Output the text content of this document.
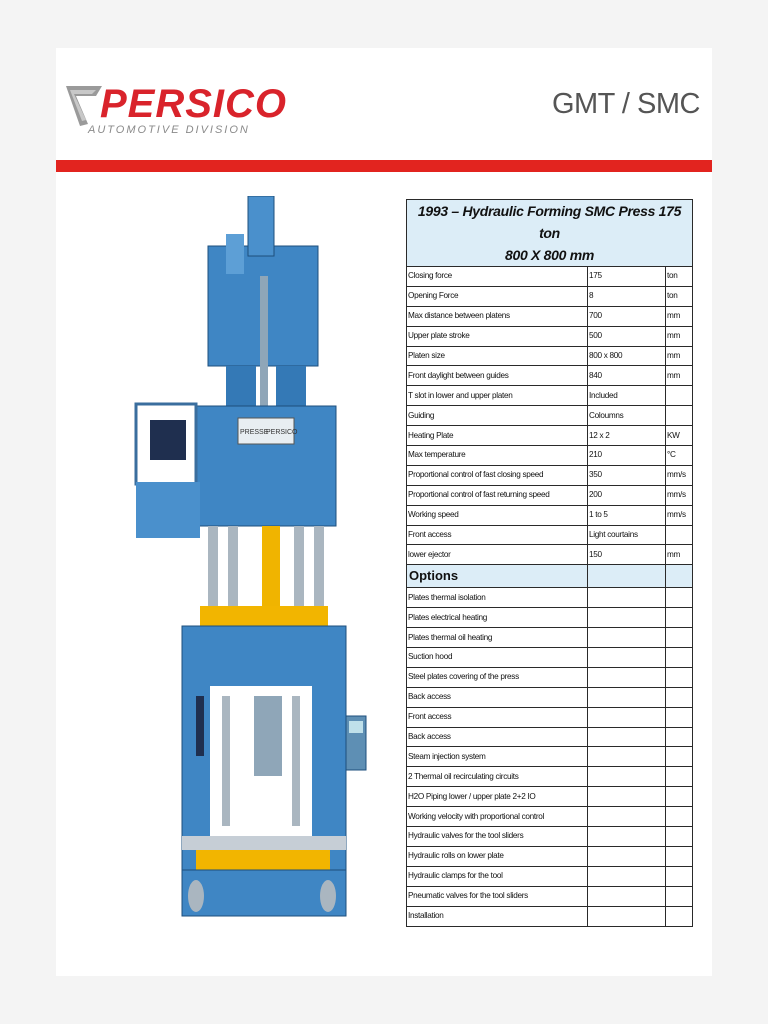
PERSICO
AUTOMOTIVE DIVISION
GMT / SMC
PRESSE
PERSICO
1993 – Hydraulic Forming SMC Press 175 ton
800 X 800 mm		
Closing force	175	ton
Opening Force	8	ton
Max distance between platens	700	mm
Upper plate stroke	500	mm
Platen size	800 x 800	mm
Front daylight between guides	840	mm
T slot in lower and upper platen	Included	
Guiding	Coloumns	
Heating Plate	12 x 2	KW
Max temperature	210	°C
Proportional control of fast closing speed	350	mm/s
Proportional control of fast returning speed	200	mm/s
Working speed	1 to 5	mm/s
Front access	Light courtains	
lower ejector	150	mm
Options		
Plates thermal isolation		
Plates electrical heating		
Plates thermal oil heating		
Suction hood		
Steel plates covering of the press		
Back access		
Front access		
Back access		
Steam injection system		
2 Thermal oil recirculating circuits		
H2O Piping lower / upper plate 2+2 IO		
Working velocity with proportional control		
Hydraulic valves for the tool sliders		
Hydraulic rolls on lower plate		
Hydraulic clamps for the tool		
Pneumatic valves for the tool sliders		
Installation		
